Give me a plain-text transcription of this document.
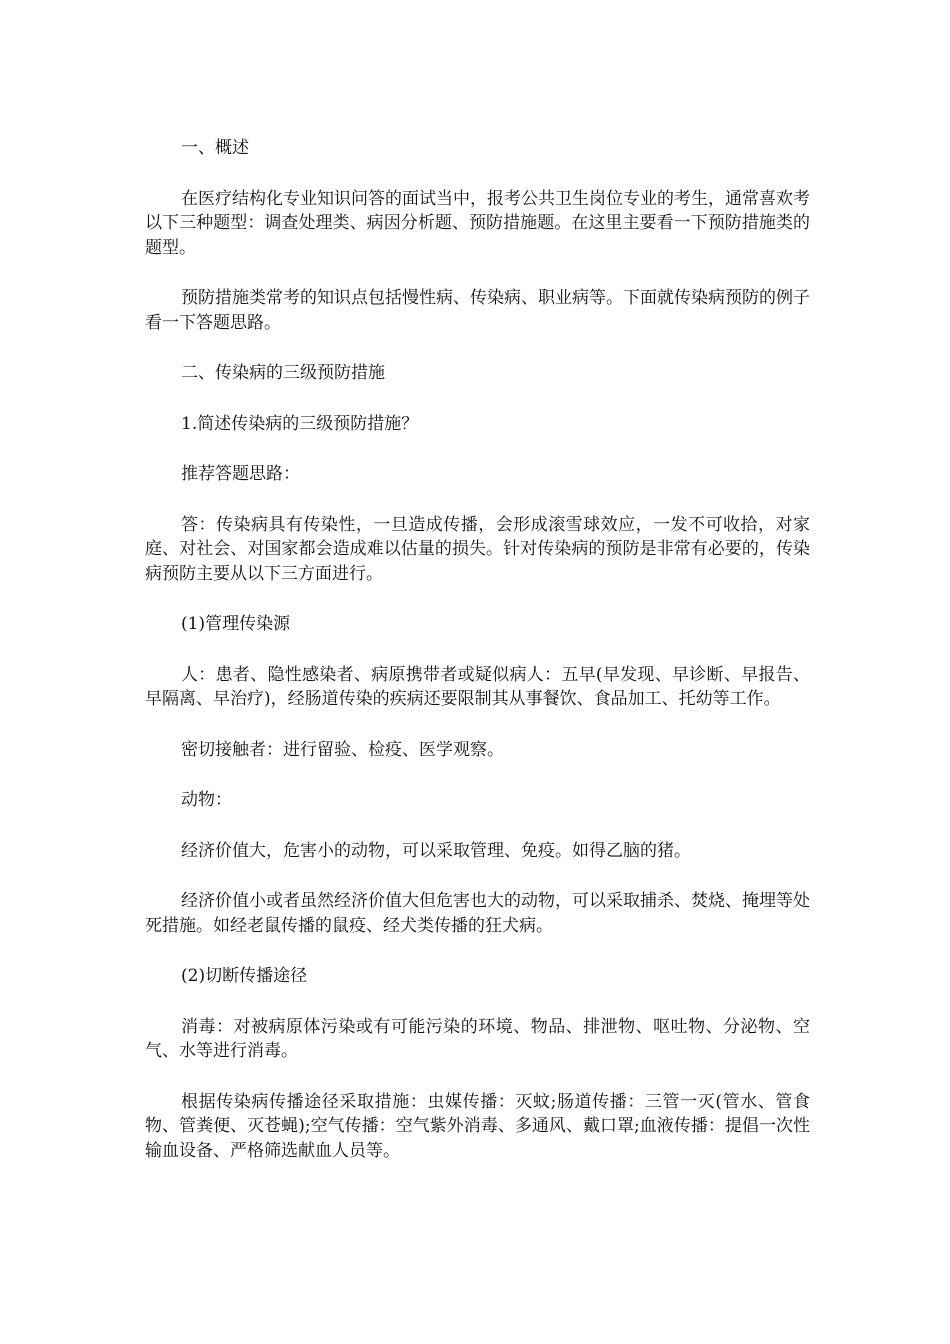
一、概述

在医疗结构化专业知识问答的面试当中，报考公共卫生岗位专业的考生，通常喜欢考以下三种题型：调查处理类、病因分析题、预防措施题。在这里主要看一下预防措施类的题型。

预防措施类常考的知识点包括慢性病、传染病、职业病等。下面就传染病预防的例子看一下答题思路。

二、传染病的三级预防措施

1.简述传染病的三级预防措施？

推荐答题思路：

答：传染病具有传染性，一旦造成传播，会形成滚雪球效应，一发不可收拾，对家庭、对社会、对国家都会造成难以估量的损失。针对传染病的预防是非常有必要的，传染病预防主要从以下三方面进行。

(1)管理传染源

人：患者、隐性感染者、病原携带者或疑似病人：五早(早发现、早诊断、早报告、早隔离、早治疗)，经肠道传染的疾病还要限制其从事餐饮、食品加工、托幼等工作。

密切接触者：进行留验、检疫、医学观察。

动物：

经济价值大，危害小的动物，可以采取管理、免疫。如得乙脑的猪。

经济价值小或者虽然经济价值大但危害也大的动物，可以采取捕杀、焚烧、掩埋等处死措施。如经老鼠传播的鼠疫、经犬类传播的狂犬病。

(2)切断传播途径

消毒：对被病原体污染或有可能污染的环境、物品、排泄物、呕吐物、分泌物、空气、水等进行消毒。

根据传染病传播途径采取措施：虫媒传播：灭蚊;肠道传播：三管一灭(管水、管食物、管粪便、灭苍蝇);空气传播：空气紫外消毒、多通风、戴口罩;血液传播：提倡一次性输血设备、严格筛选献血人员等。
